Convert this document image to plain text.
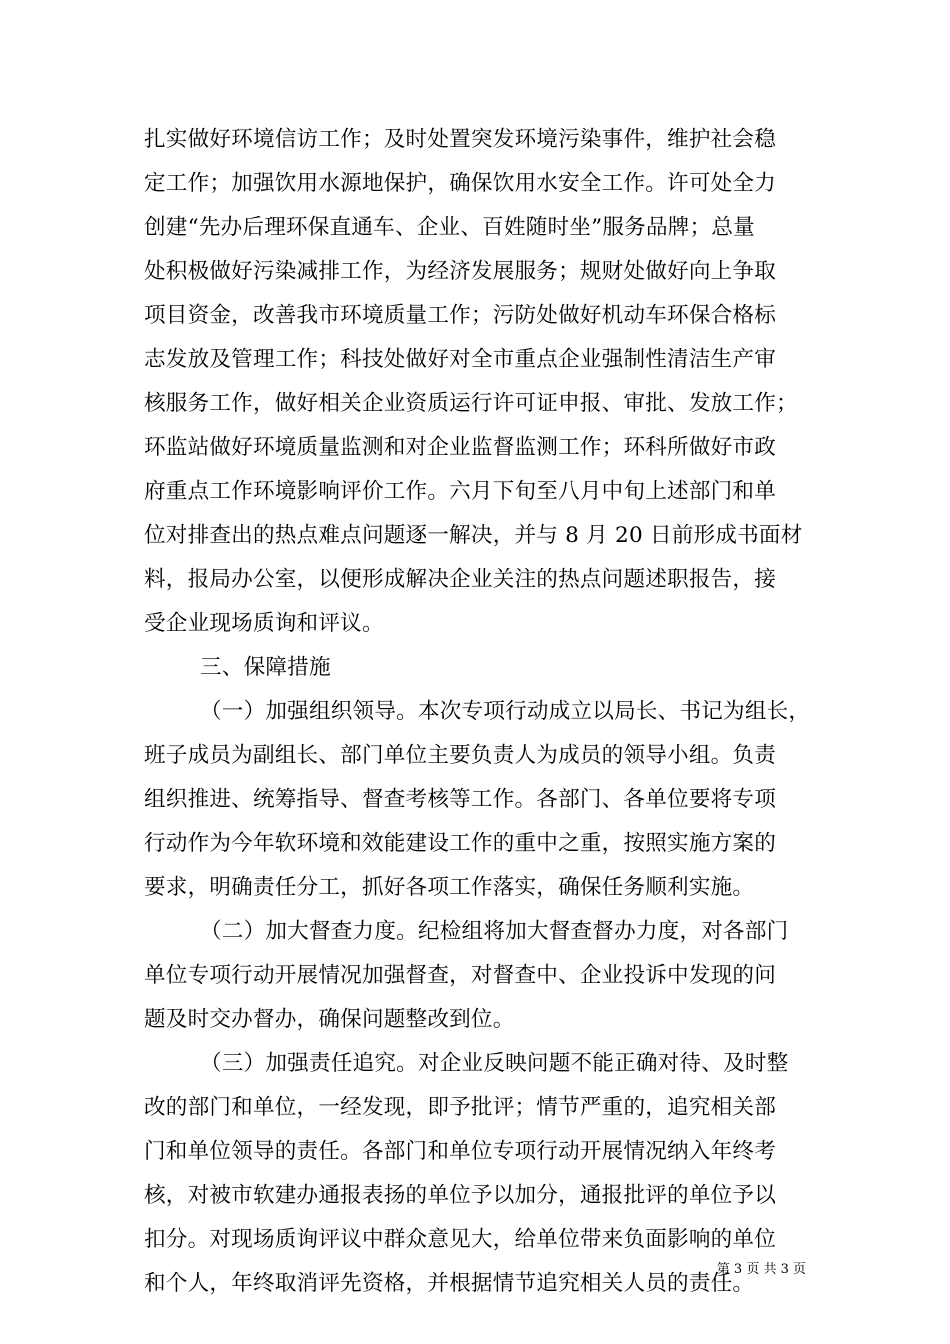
扎实做好环境信访工作；及时处置突发环境污染事件，维护社会稳
定工作；加强饮用水源地保护，确保饮用水安全工作。许可处全力
创建“先办后理环保直通车、企业、百姓随时坐”服务品牌；总量
处积极做好污染减排工作，为经济发展服务；规财处做好向上争取
项目资金，改善我市环境质量工作；污防处做好机动车环保合格标
志发放及管理工作；科技处做好对全市重点企业强制性清洁生产审
核服务工作，做好相关企业资质运行许可证申报、审批、发放工作；
环监站做好环境质量监测和对企业监督监测工作；环科所做好市政
府重点工作环境影响评价工作。六月下旬至八月中旬上述部门和单
位对排查出的热点难点问题逐一解决，并与 8 月 20 日前形成书面材
料，报局办公室，以便形成解决企业关注的热点问题述职报告，接
受企业现场质询和评议。
三、保障措施
（一）加强组织领导。本次专项行动成立以局长、书记为组长，
班子成员为副组长、部门单位主要负责人为成员的领导小组。负责
组织推进、统筹指导、督查考核等工作。各部门、各单位要将专项
行动作为今年软环境和效能建设工作的重中之重，按照实施方案的
要求，明确责任分工，抓好各项工作落实，确保任务顺利实施。
（二）加大督查力度。纪检组将加大督查督办力度，对各部门
单位专项行动开展情况加强督查，对督查中、企业投诉中发现的问
题及时交办督办，确保问题整改到位。
（三）加强责任追究。对企业反映问题不能正确对待、及时整
改的部门和单位，一经发现，即予批评；情节严重的，追究相关部
门和单位领导的责任。各部门和单位专项行动开展情况纳入年终考
核，对被市软建办通报表扬的单位予以加分，通报批评的单位予以
扣分。对现场质询评议中群众意见大，给单位带来负面影响的单位
和个人，年终取消评先资格，并根据情节追究相关人员的责任。
第 3 页 共 3 页
